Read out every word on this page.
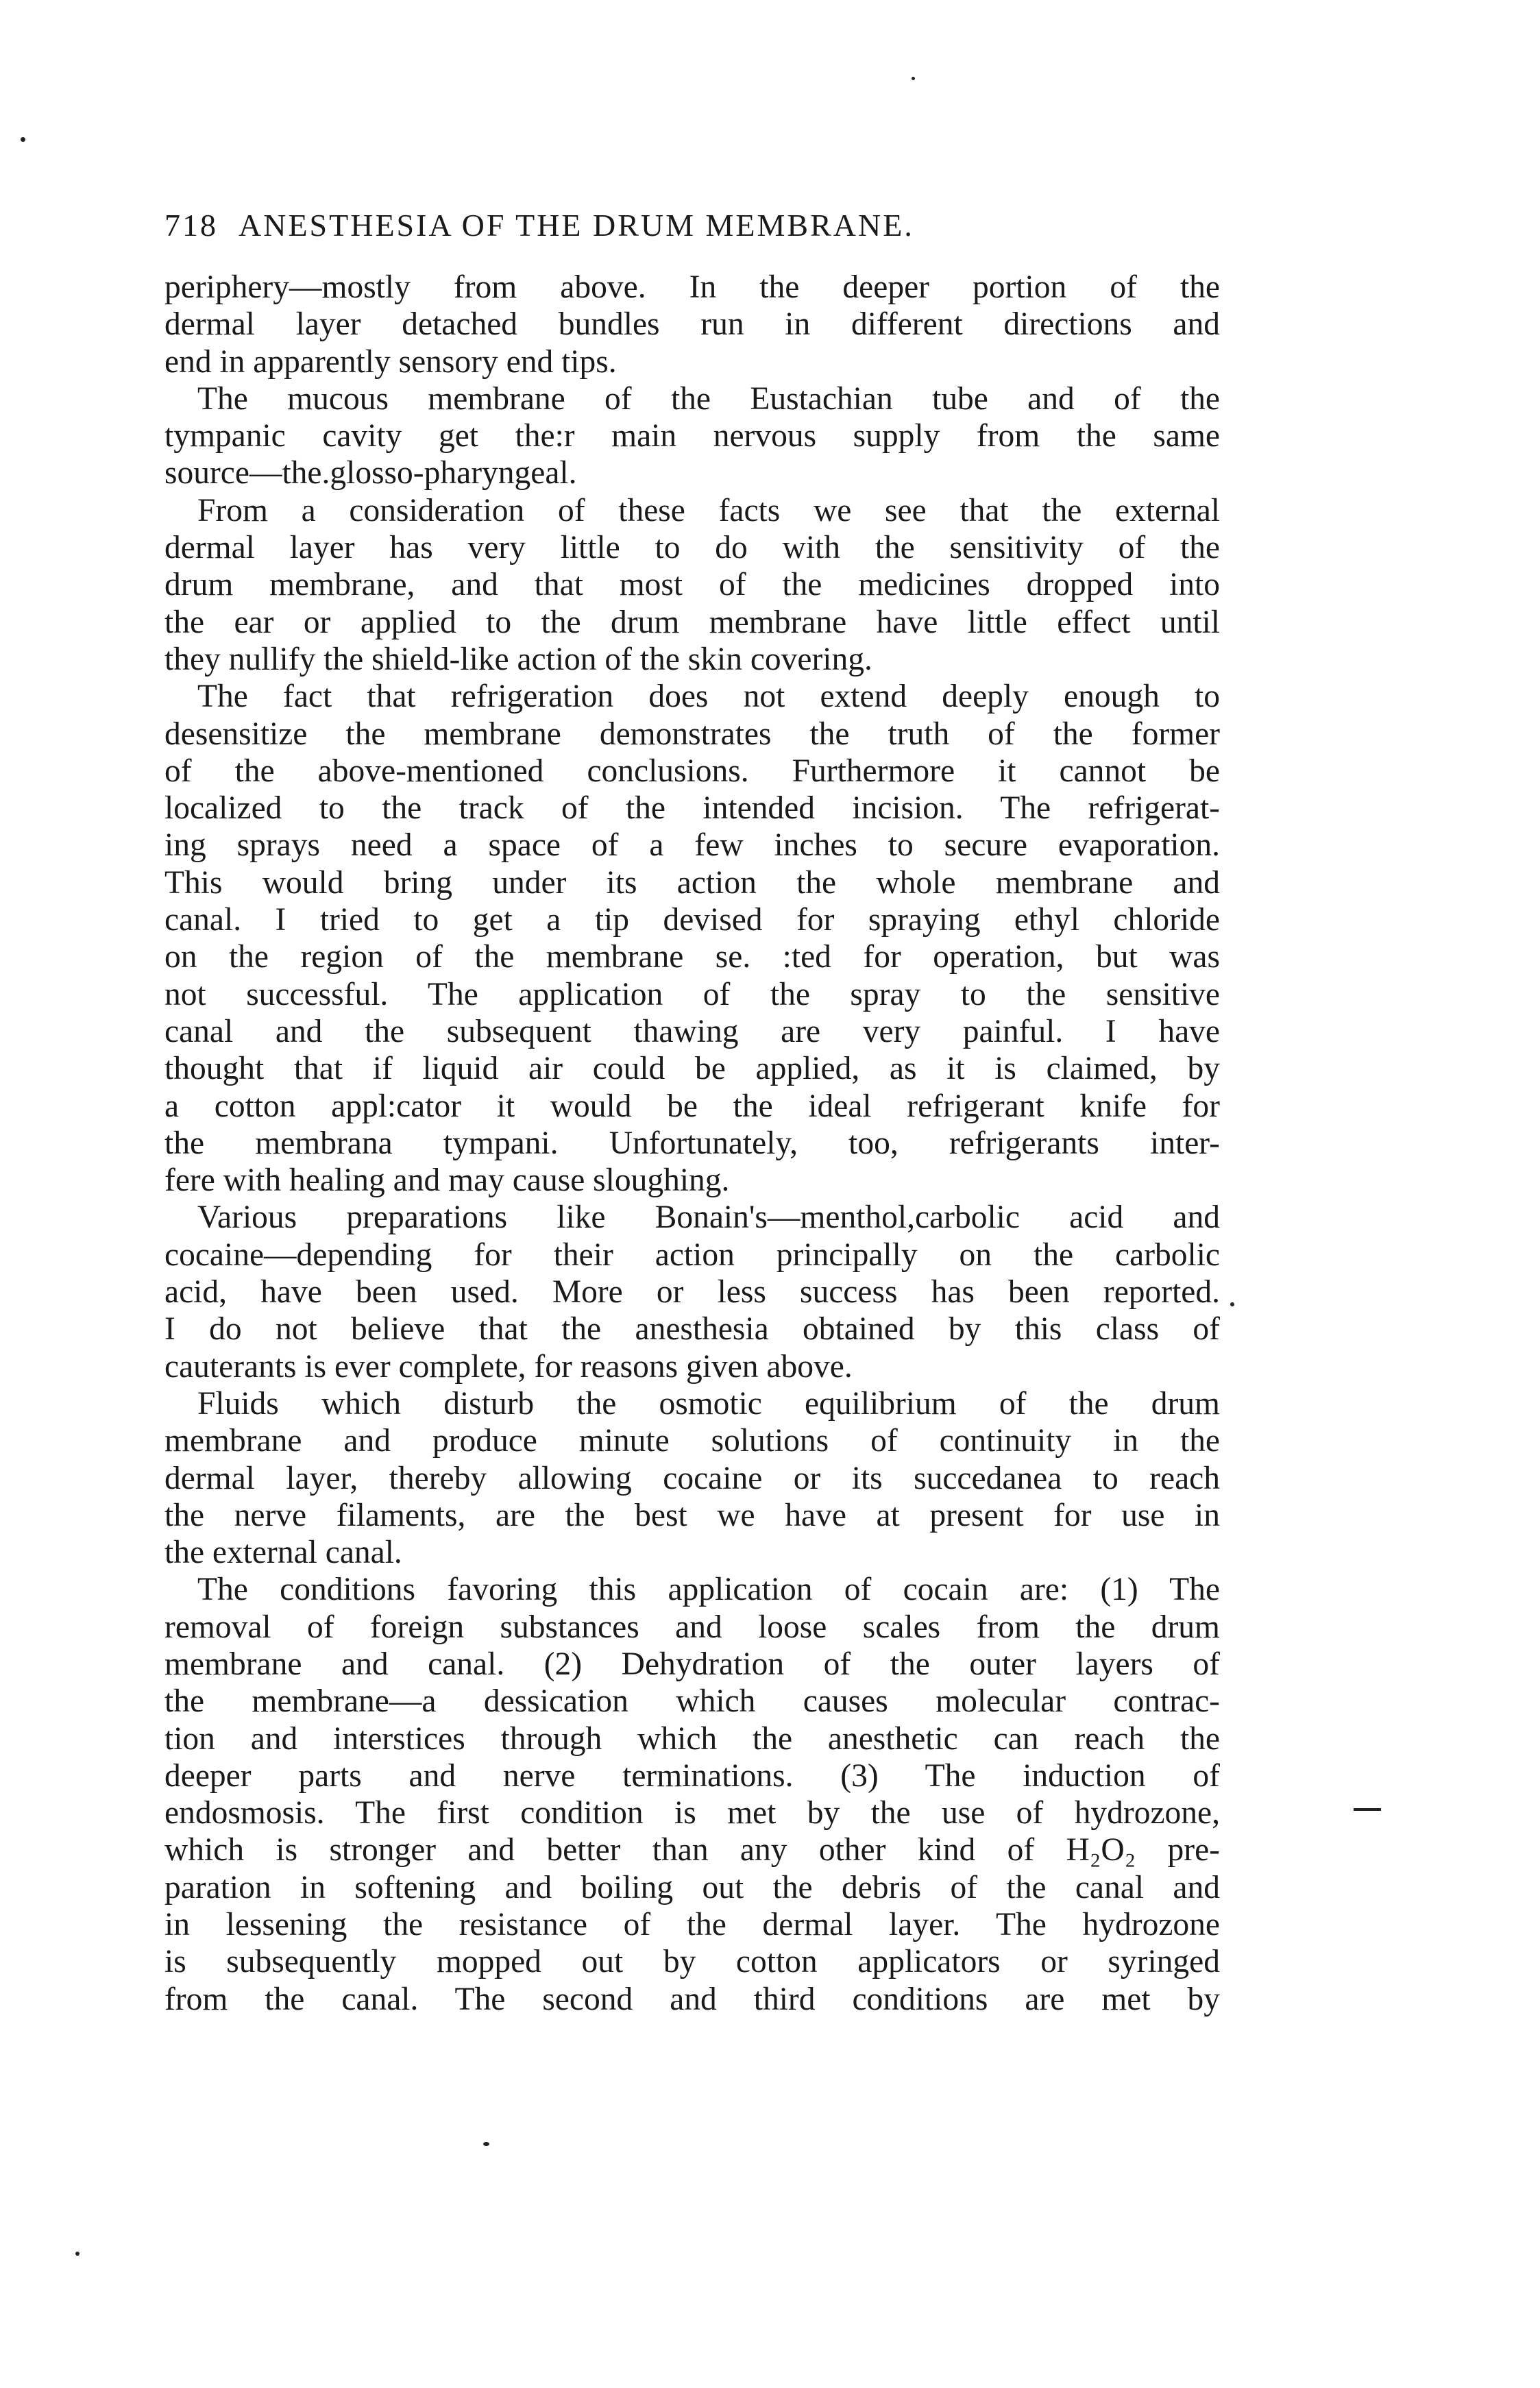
718 ANESTHESIA OF THE DRUM MEMBRANE.
periphery—mostly from above. In the deeper portion of the
dermal layer detached bundles run in different directions and
end in apparently sensory end tips.
The mucous membrane of the Eustachian tube and of the
tympanic cavity get the:r main nervous supply from the same
source—the.glosso-pharyngeal.
From a consideration of these facts we see that the external
dermal layer has very little to do with the sensitivity of the
drum membrane, and that most of the medicines dropped into
the ear or applied to the drum membrane have little effect until
they nullify the shield-like action of the skin covering.
The fact that refrigeration does not extend deeply enough to
desensitize the membrane demonstrates the truth of the former
of the above-mentioned conclusions. Furthermore it cannot be
localized to the track of the intended incision. The refrigerat-
ing sprays need a space of a few inches to secure evaporation.
This would bring under its action the whole membrane and
canal. I tried to get a tip devised for spraying ethyl chloride
on the region of the membrane se. :ted for operation, but was
not successful. The application of the spray to the sensitive
canal and the subsequent thawing are very painful. I have
thought that if liquid air could be applied, as it is claimed, by
a cotton appl:cator it would be the ideal refrigerant knife for
the membrana tympani. Unfortunately, too, refrigerants inter-
fere with healing and may cause sloughing.
Various preparations like Bonain's—menthol,carbolic acid and
cocaine—depending for their action principally on the carbolic
acid, have been used. More or less success has been reported.
I do not believe that the anesthesia obtained by this class of
cauterants is ever complete, for reasons given above.
Fluids which disturb the osmotic equilibrium of the drum
membrane and produce minute solutions of continuity in the
dermal layer, thereby allowing cocaine or its succedanea to reach
the nerve filaments, are the best we have at present for use in
the external canal.
The conditions favoring this application of cocain are: (1) The
removal of foreign substances and loose scales from the drum
membrane and canal. (2) Dehydration of the outer layers of
the membrane—a dessication which causes molecular contrac-
tion and interstices through which the anesthetic can reach the
deeper parts and nerve terminations. (3) The induction of
endosmosis. The first condition is met by the use of hydrozone,
which is stronger and better than any other kind of H₂O₂ pre-
paration in softening and boiling out the debris of the canal and
in lessening the resistance of the dermal layer. The hydrozone
is subsequently mopped out by cotton applicators or syringed
from the canal. The second and third conditions are met by
